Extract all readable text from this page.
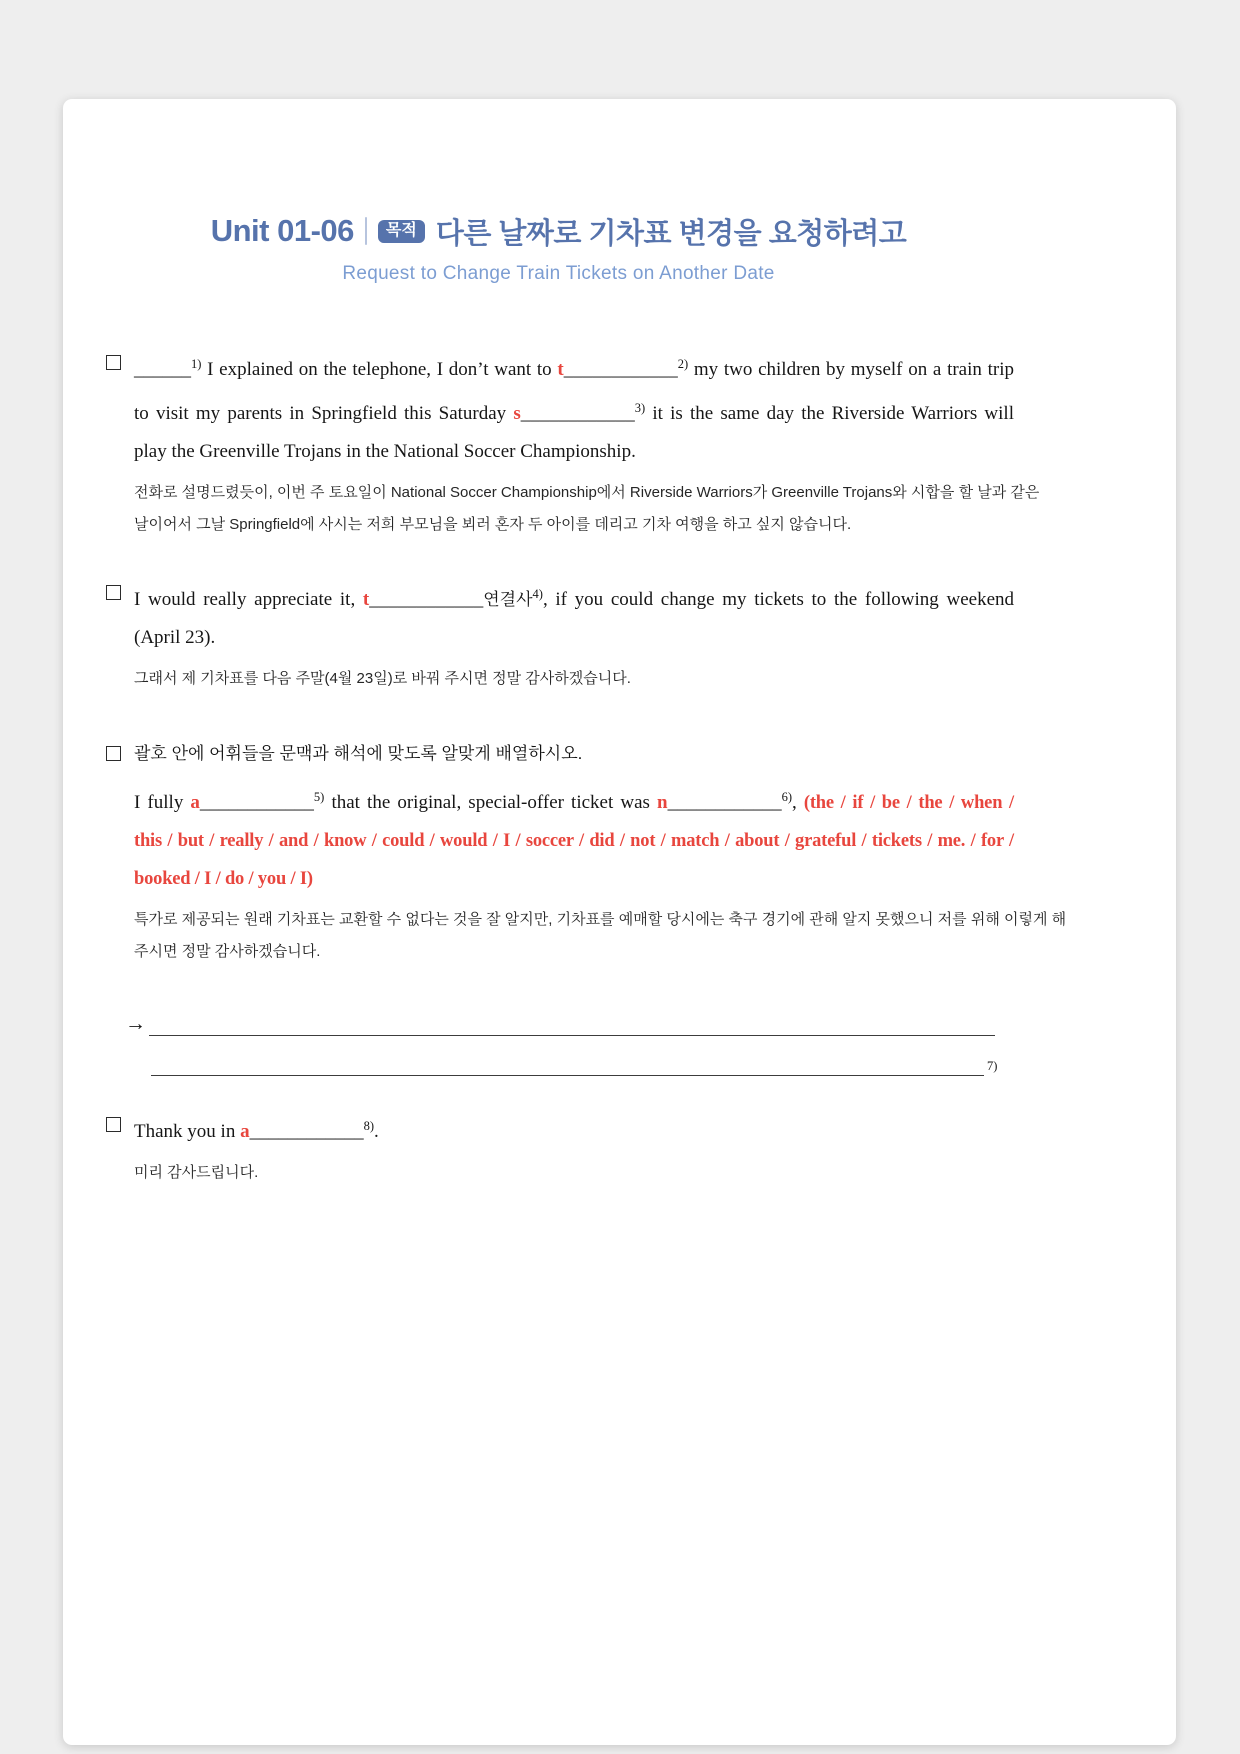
Unit 01-06	목적 다른 날짜로 기차표 변경을 요청하려고
Request to Change Train Tickets on Another Date
______$^{1)}$ I explained on the telephone, I don’t want to t____________$^{2)}$ my two children by myself on a train trip
to visit my parents in Springfield this Saturday s____________$^{3)}$ it is the same day the Riverside Warriors will
play the Greenville Trojans in the National Soccer Championship.
전화로 설명드렸듯이, 이번 주 토요일이 National Soccer Championship에서 Riverside Warriors가 Greenville Trojans와 시합을 할 날과 같은
날이어서 그날 Springfield에 사시는 저희 부모님을 뵈러 혼자 두 아이를 데리고 기차 여행을 하고 싶지 않습니다.
I would really appreciate it, t____________연결사$^{4)}$, if you could change my tickets to the following weekend
(April 23).
그래서 제 기차표를 다음 주말(4월 23일)로 바꿔 주시면 정말 감사하겠습니다.
괄호 안에 어휘들을 문맥과 해석에 맞도록 알맞게 배열하시오.
I fully a____________$^{5)}$ that the original, special-offer ticket was n____________$^{6)}$, (the / if / be / the / when /
this / but / really / and / know / could / would / I / soccer / did / not / match / about / grateful / tickets / me. / for /
booked / I / do / you / I)
특가로 제공되는 원래 기차표는 교환할 수 없다는 것을 잘 알지만, 기차표를 예매할 당시에는 축구 경기에 관해 알지 못했으니 저를 위해 이렇게 해
주시면 정말 감사하겠습니다.
→
7)
Thank you in a____________$^{8)}$.
미리 감사드립니다.
